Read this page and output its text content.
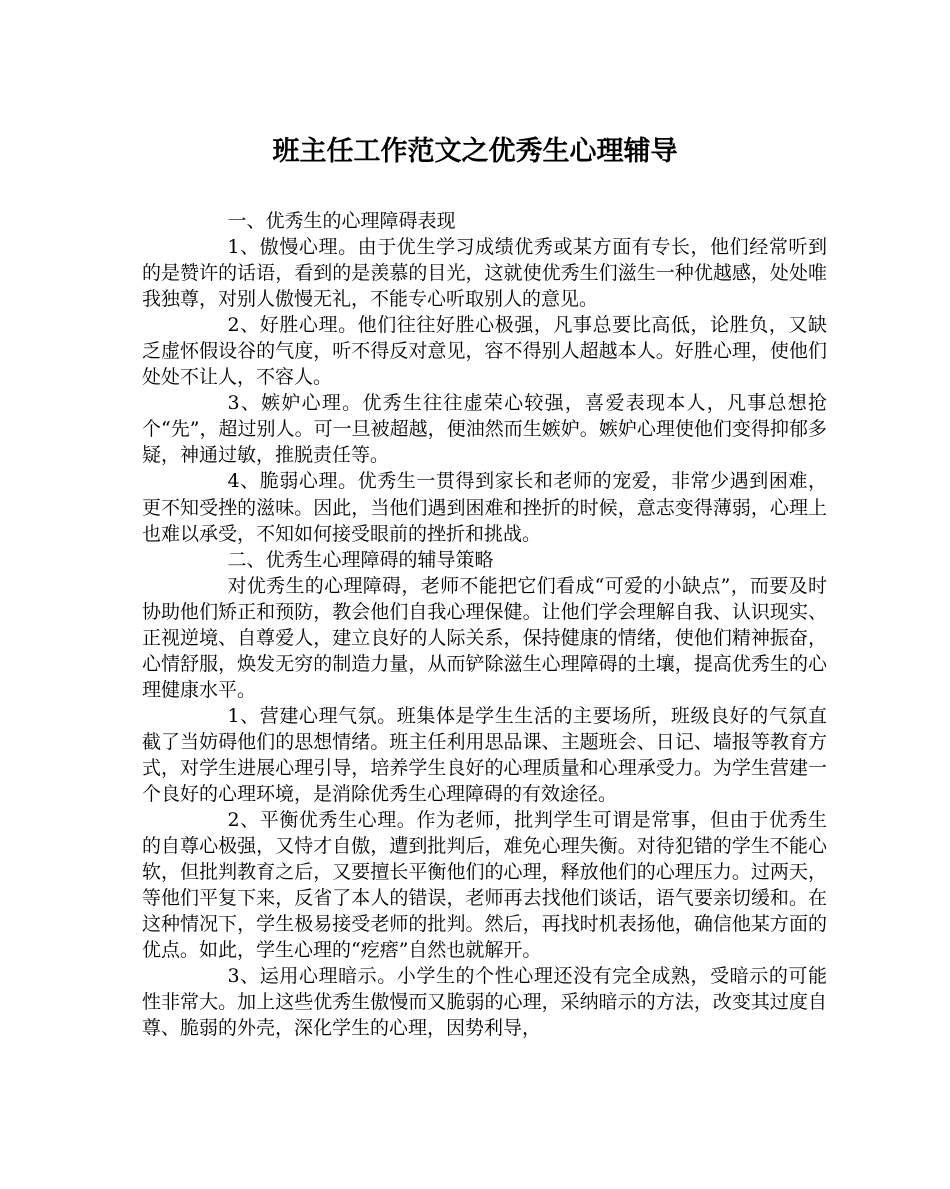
班主任工作范文之优秀生心理辅导

一、优秀生的心理障碍表现

1、傲慢心理。由于优生学习成绩优秀或某方面有专长，他们经常听到的是赞许的话语，看到的是羡慕的目光，这就使优秀生们滋生一种优越感，处处唯我独尊，对别人傲慢无礼，不能专心听取别人的意见。

2、好胜心理。他们往往好胜心极强，凡事总要比高低，论胜负，又缺乏虚怀假设谷的气度，听不得反对意见，容不得别人超越本人。好胜心理，使他们处处不让人，不容人。

3、嫉妒心理。优秀生往往虚荣心较强，喜爱表现本人，凡事总想抢个“先”，超过别人。可一旦被超越，便油然而生嫉妒。嫉妒心理使他们变得抑郁多疑，神通过敏，推脱责任等。

4、脆弱心理。优秀生一贯得到家长和老师的宠爱，非常少遇到困难，更不知受挫的滋味。因此，当他们遇到困难和挫折的时候，意志变得薄弱，心理上也难以承受，不知如何接受眼前的挫折和挑战。

二、优秀生心理障碍的辅导策略

对优秀生的心理障碍，老师不能把它们看成“可爱的小缺点”，而要及时协助他们矫正和预防，教会他们自我心理保健。让他们学会理解自我、认识现实、正视逆境、自尊爱人，建立良好的人际关系，保持健康的情绪，使他们精神振奋，心情舒服，焕发无穷的制造力量，从而铲除滋生心理障碍的土壤，提高优秀生的心理健康水平。

1、营建心理气氛。班集体是学生生活的主要场所，班级良好的气氛直截了当妨碍他们的思想情绪。班主任利用思品课、主题班会、日记、墙报等教育方式，对学生进展心理引导，培养学生良好的心理质量和心理承受力。为学生营建一个良好的心理环境，是消除优秀生心理障碍的有效途径。

2、平衡优秀生心理。作为老师，批判学生可谓是常事，但由于优秀生的自尊心极强，又恃才自傲，遭到批判后，难免心理失衡。对待犯错的学生不能心软，但批判教育之后，又要擅长平衡他们的心理，释放他们的心理压力。过两天，等他们平复下来，反省了本人的错误，老师再去找他们谈话，语气要亲切缓和。在这种情况下，学生极易接受老师的批判。然后，再找时机表扬他，确信他某方面的优点。如此，学生心理的“疙瘩”自然也就解开。

3、运用心理暗示。小学生的个性心理还没有完全成熟，受暗示的可能性非常大。加上这些优秀生傲慢而又脆弱的心理，采纳暗示的方法，改变其过度自尊、脆弱的外壳，深化学生的心理，因势利导，
